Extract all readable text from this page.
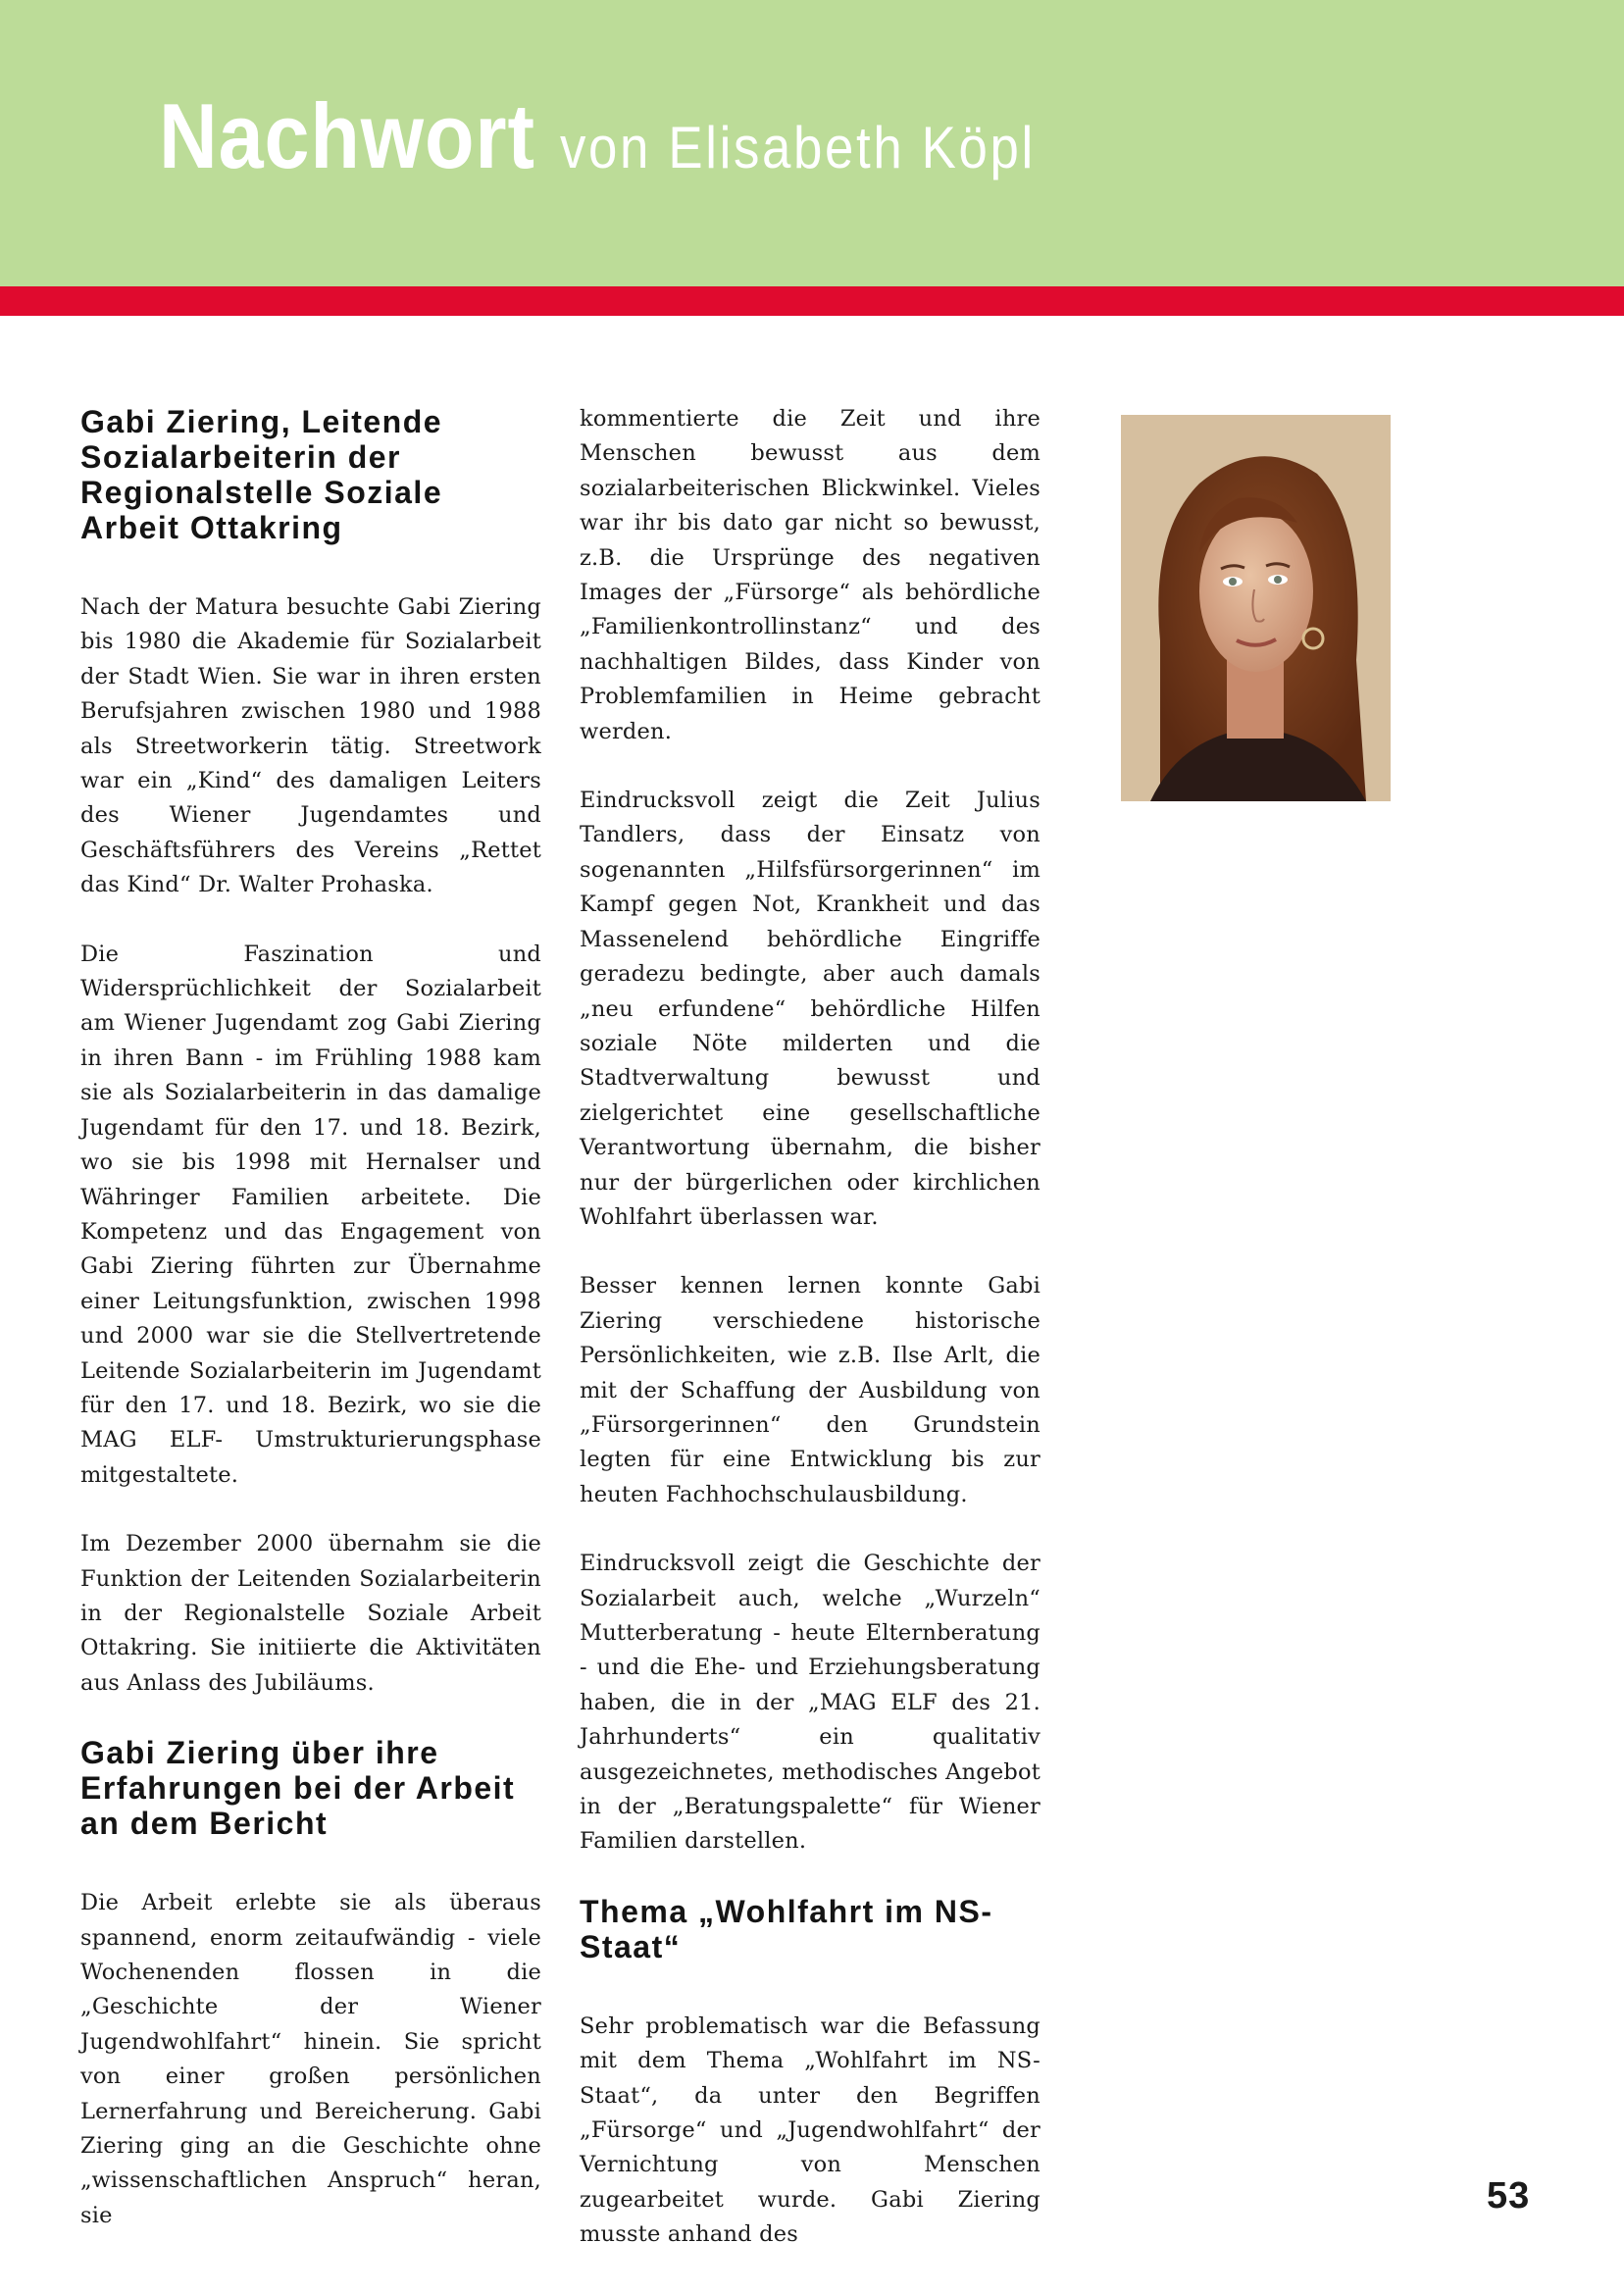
Nachwort von Elisabeth Köpl
Gabi Ziering, Leitende Sozialarbeiterin der Regionalstelle Soziale Arbeit Ottakring

Nach der Matura besuchte Gabi Ziering bis 1980 die Akademie für Sozialarbeit der Stadt Wien. Sie war in ihren ersten Berufsjahren zwischen 1980 und 1988 als Streetworkerin tätig. Streetwork war ein „Kind“ des damaligen Leiters des Wiener Jugendamtes und Geschäftsführers des Vereins „Rettet das Kind“ Dr. Walter Prohaska.

Die Faszination und Widersprüchlichkeit der Sozialarbeit am Wiener Jugendamt zog Gabi Ziering in ihren Bann - im Frühling 1988 kam sie als Sozialarbeiterin in das damalige Jugendamt für den 17. und 18. Bezirk, wo sie bis 1998 mit Hernalser und Währinger Familien arbeitete. Die Kompetenz und das Engagement von Gabi Ziering führten zur Übernahme einer Leitungsfunktion, zwischen 1998 und 2000 war sie die Stellvertretende Leitende Sozialarbeiterin im Jugendamt für den 17. und 18. Bezirk, wo sie die MAG ELF- Umstrukturierungsphase mitgestaltete.

Im Dezember 2000 übernahm sie die Funktion der Leitenden Sozialarbeiterin in der Regionalstelle Soziale Arbeit Ottakring. Sie initiierte die Aktivitäten aus Anlass des Jubiläums.

Gabi Ziering über ihre Erfahrungen bei der Arbeit an dem Bericht

Die Arbeit erlebte sie als überaus spannend, enorm zeitaufwändig - viele Wochenenden flossen in die „Geschichte der Wiener Jugendwohlfahrt“ hinein. Sie spricht von einer großen persönlichen Lernerfahrung und Bereicherung. Gabi Ziering ging an die Geschichte ohne „wissenschaftlichen Anspruch“ heran, sie

kommentierte die Zeit und ihre Menschen bewusst aus dem sozialarbeiterischen Blickwinkel. Vieles war ihr bis dato gar nicht so bewusst, z.B. die Ursprünge des negativen Images der „Fürsorge“ als behördliche „Familienkontrollinstanz“ und des nachhaltigen Bildes, dass Kinder von Problemfamilien in Heime gebracht werden.

Eindrucksvoll zeigt die Zeit Julius Tandlers, dass der Einsatz von sogenannten „Hilfsfürsorgerinnen“ im Kampf gegen Not, Krankheit und das Massenelend behördliche Eingriffe geradezu bedingte, aber auch damals „neu erfundene“ behördliche Hilfen soziale Nöte milderten und die Stadtverwaltung bewusst und zielgerichtet eine gesellschaftliche Verantwortung übernahm, die bisher nur der bürgerlichen oder kirchlichen Wohlfahrt überlassen war.

Besser kennen lernen konnte Gabi Ziering verschiedene historische Persönlichkeiten, wie z.B. Ilse Arlt, die mit der Schaffung der Ausbildung von „Fürsorgerinnen“ den Grundstein legten für eine Entwicklung bis zur heuten Fachhochschulausbildung.

Eindrucksvoll zeigt die Geschichte der Sozialarbeit auch, welche „Wurzeln“ Mutterberatung - heute Elternberatung - und die Ehe- und Erziehungsberatung haben, die in der „MAG ELF des 21. Jahrhunderts“ ein qualitativ ausgezeichnetes, methodisches Angebot in der „Beratungspalette“ für Wiener Familien darstellen.

Thema „Wohlfahrt im NS-Staat“

Sehr problematisch war die Befassung mit dem Thema „Wohlfahrt im NS-Staat“, da unter den Begriffen „Fürsorge“ und „Jugendwohlfahrt“ der Vernichtung von Menschen zugearbeitet wurde. Gabi Ziering musste anhand des

53
